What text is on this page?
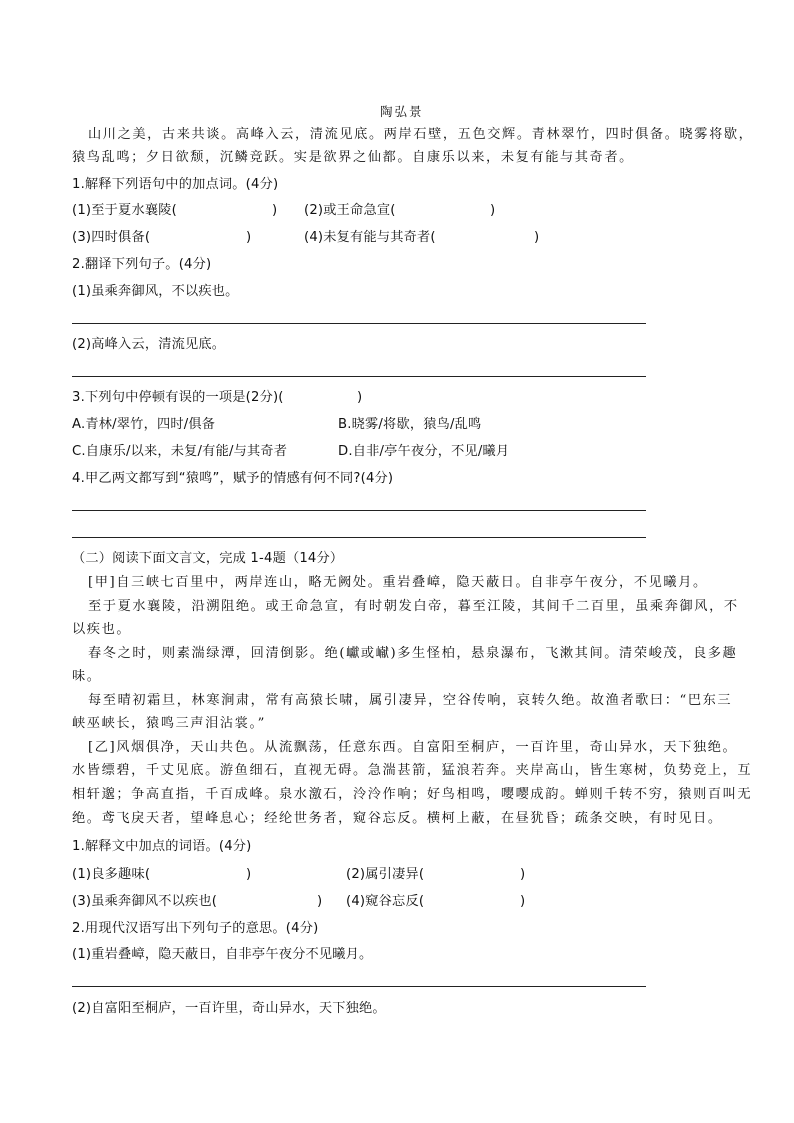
陶弘景
山川之美，古来共谈。高峰入云，清流见底。两岸石壁，五色交辉。青林翠竹，四时俱备。晓雾将歇，
猿鸟乱鸣；夕日欲颓，沉鳞竞跃。实是欲界之仙都。自康乐以来，未复有能与其奇者。
1.解释下列语句中的加点词。(4分)
(1)至于夏水襄陵(	) (2)或王命急宣(	)
(3)四时俱备(	)	(4)未复有能与其奇者(	)
2.翻译下列句子。(4分)
(1)虽乘奔御风，不以疾也。
(2)高峰入云，清流见底。
3.下列句中停顿有误的一项是(2分)(	)
A.青林/翠竹，四时/俱备	B.晓雾/将歇，猿鸟/乱鸣
C.自康乐/以来，未复/有能/与其奇者	D.自非/亭午夜分，不见/曦月
4.甲乙两文都写到“猿鸣”，赋予的情感有何不同?(4分)
（二）阅读下面文言文，完成 1-4题（14分）
[甲]自三峡七百里中，两岸连山，略无阙处。重岩叠嶂，隐天蔽日。自非亭午夜分，不见曦月。
至于夏水襄陵，沿溯阻绝。或王命急宣，有时朝发白帝，暮至江陵，其间千二百里，虽乘奔御风，不
以疾也。
春冬之时，则素湍绿潭，回清倒影。绝(巘或𪩘)多生怪柏，悬泉瀑布，飞漱其间。清荣峻茂，良多趣
味。
每至晴初霜旦，林寒涧肃，常有高猿长啸，属引凄异，空谷传响，哀转久绝。故渔者歌曰：“巴东三
峡巫峡长，猿鸣三声泪沾裳。”
[乙]风烟俱净，天山共色。从流飘荡，任意东西。自富阳至桐庐，一百许里，奇山异水，天下独绝。
水皆缥碧，千丈见底。游鱼细石，直视无碍。急湍甚箭，猛浪若奔。夹岸高山，皆生寒树，负势竞上，互
相轩邈；争高直指，千百成峰。泉水激石，泠泠作响；好鸟相鸣，嘤嘤成韵。蝉则千转不穷，猿则百叫无
绝。鸢飞戾天者，望峰息心；经纶世务者，窥谷忘反。横柯上蔽，在昼犹昏；疏条交映，有时见日。
1.解释文中加点的词语。(4分)
(1)良多趣味(	)	(2)属引凄异(	)
(3)虽乘奔御风不以疾也(	) (4)窥谷忘反(	)
2.用现代汉语写出下列句子的意思。(4分)
(1)重岩叠嶂，隐天蔽日，自非亭午夜分不见曦月。
(2)自富阳至桐庐，一百许里，奇山异水，天下独绝。
